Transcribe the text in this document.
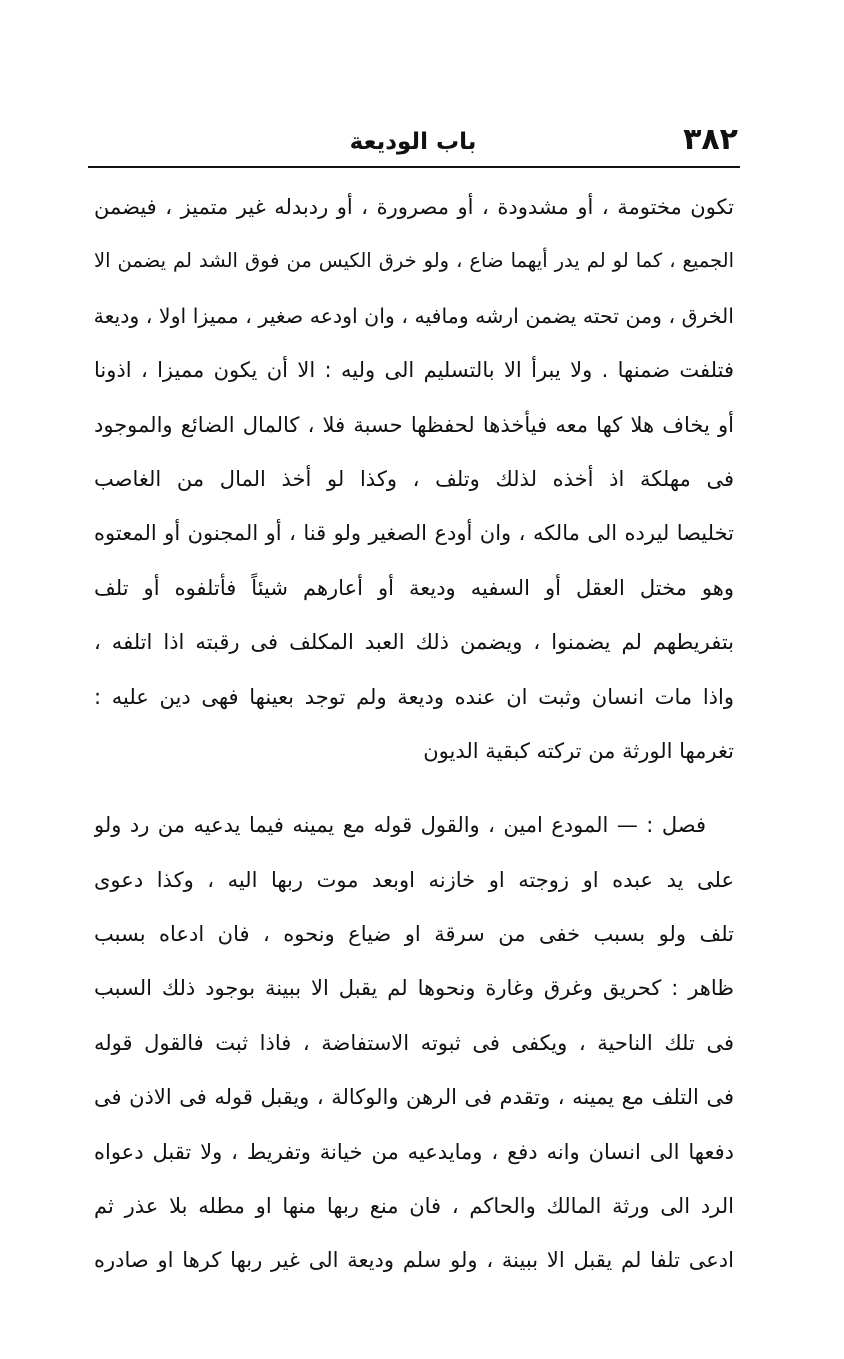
٣٨٢
باب الوديعة
تكون مختومة ، أو مشدودة ، أو مصرورة ، أو ردبدله غير متميز ، فيضمن
الجميع ، كما لو لم يدر أيهما ضاع ، ولو خرق الكيس من فوق الشد لم يضمن الا
الخرق ، ومن تحته يضمن ارشه ومافيه ، وان اودعه صغير ، مميزا اولا ، وديعة
فتلفت ضمنها . ولا يبرأ الا بالتسليم الى وليه : الا أن يكون مميزا ، اذونا
أو يخاف هلا كها معه فيأخذها لحفظها حسبة فلا ، كالمال الضائع والموجود
فى مهلكة اذ أخذه لذلك وتلف ، وكذا لو أخذ المال من الغاصب
تخليصا ليرده الى مالكه ، وان أودع الصغير ولو قنا ، أو المجنون أو المعتوه
وهو مختل العقل أو السفيه وديعة أو أعارهم شيئاً فأتلفوه أو تلف
بتفريطهم لم يضمنوا ، ويضمن ذلك العبد المكلف فى رقبته اذا اتلفه ،
واذا مات انسان وثبت ان عنده وديعة ولم توجد بعينها فهى دين عليه :
تغرمها الورثة من تركته كبقية الديون
فصل : — المودع امين ، والقول قوله مع يمينه فيما يدعيه من رد ولو
على يد عبده او زوجته او خازنه اوبعد موت ربها اليه ، وكذا دعوى
تلف ولو بسبب خفى من سرقة او ضياع ونحوه ، فان ادعاه بسبب
ظاهر : كحريق وغرق وغارة ونحوها لم يقبل الا ببينة بوجود ذلك السبب
فى تلك الناحية ، ويكفى فى ثبوته الاستفاضة ، فاذا ثبت فالقول قوله
فى التلف مع يمينه ، وتقدم فى الرهن والوكالة ، ويقبل قوله فى الاذن فى
دفعها الى انسان وانه دفع ، ومايدعيه من خيانة وتفريط ، ولا تقبل دعواه
الرد الى ورثة المالك والحاكم ، فان منع ربها منها او مطله بلا عذر ثم
ادعى تلفا لم يقبل الا ببينة ، ولو سلم وديعة الى غير ربها كرها او صادره
